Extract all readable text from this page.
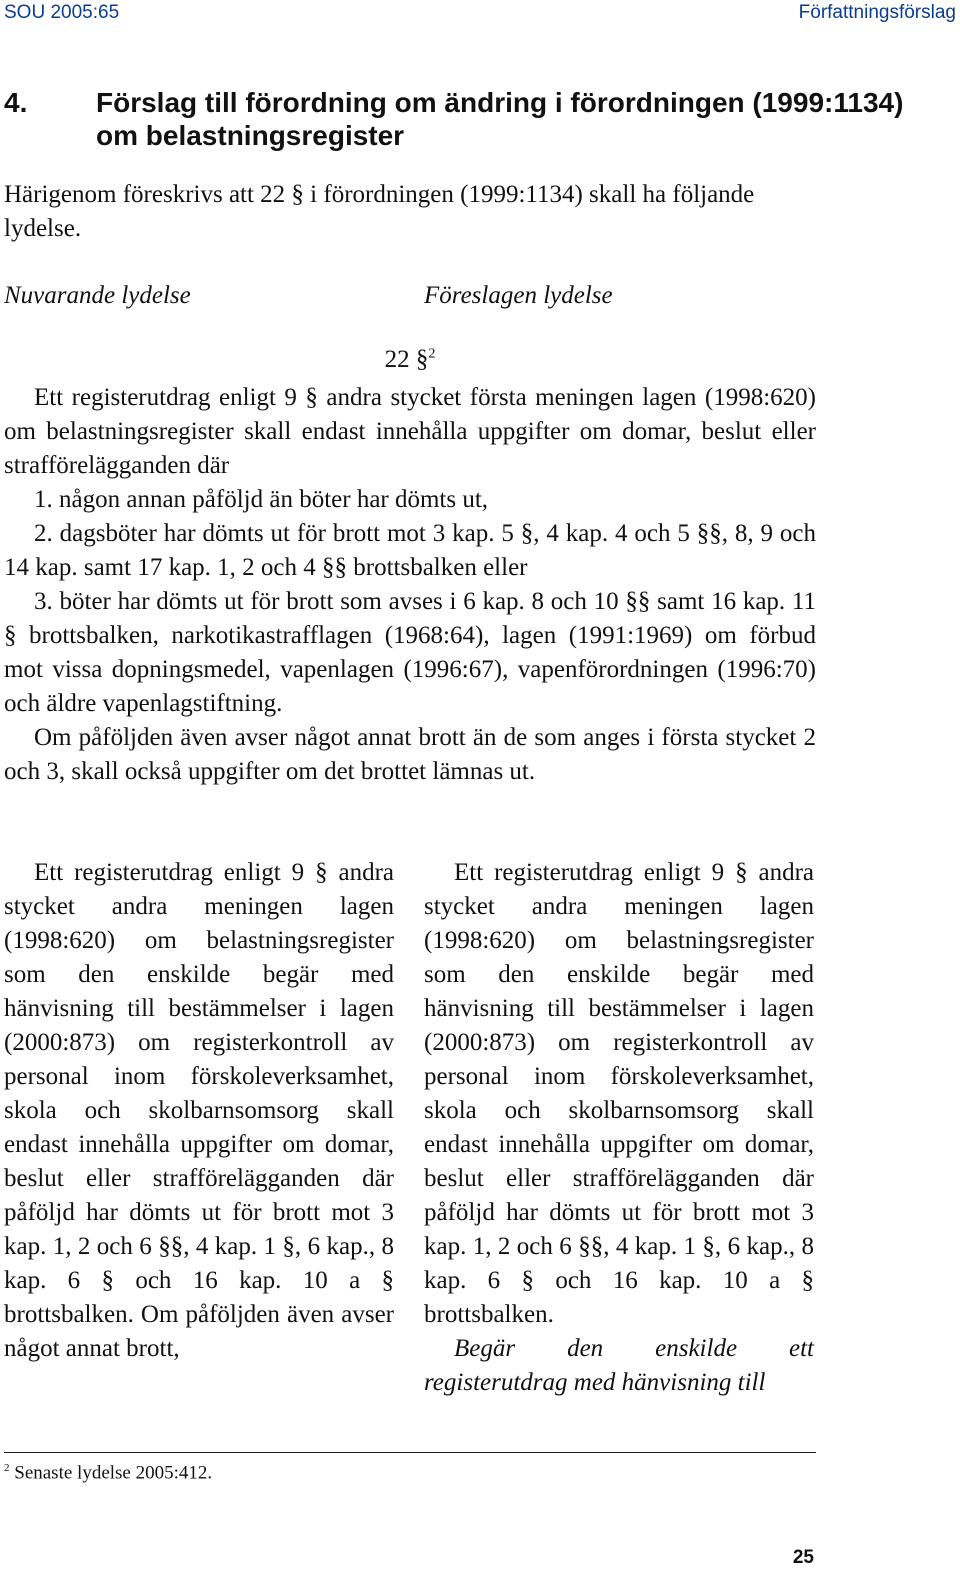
SOU 2005:65	Författningsförslag
4. Förslag till förordning om ändring i förordningen (1999:1134) om belastningsregister
Härigenom föreskrivs att 22 § i förordningen (1999:1134) skall ha följande lydelse.
Nuvarande lydelse	Föreslagen lydelse
22 §$^2$

Ett registerutdrag enligt 9 § andra stycket första meningen lagen (1998:620) om belastningsregister skall endast innehålla uppgifter om domar, beslut eller strafförelägganden där

1. någon annan påföljd än böter har dömts ut,

2. dagsböter har dömts ut för brott mot 3 kap. 5 §, 4 kap. 4 och 5 §§, 8, 9 och 14 kap. samt 17 kap. 1, 2 och 4 §§ brottsbalken eller

3. böter har dömts ut för brott som avses i 6 kap. 8 och 10 §§ samt 16 kap. 11 § brottsbalken, narkotikastrafflagen (1968:64), lagen (1991:1969) om förbud mot vissa dopningsmedel, vapenlagen (1996:67), vapenförordningen (1996:70) och äldre vapenlagstiftning.

Om påföljden även avser något annat brott än de som anges i första stycket 2 och 3, skall också uppgifter om det brottet lämnas ut.

Ett registerutdrag enligt 9 § andra stycket andra meningen lagen (1998:620) om belastningsregister som den enskilde begär med hänvisning till bestämmelser i lagen (2000:873) om registerkontroll av personal inom förskoleverksamhet, skola och skolbarnsomsorg skall endast innehålla uppgifter om domar, beslut eller strafförelägganden där påföljd har dömts ut för brott mot 3 kap. 1, 2 och 6 §§, 4 kap. 1 §, 6 kap., 8 kap. 6 § och 16 kap. 10 a § brottsbalken. Om påföljden även avser något annat brott,

Ett registerutdrag enligt 9 § andra stycket andra meningen lagen (1998:620) om belastningsregister som den enskilde begär med hänvisning till bestämmelser i lagen (2000:873) om registerkontroll av personal inom förskoleverksamhet, skola och skolbarnsomsorg skall endast innehålla uppgifter om domar, beslut eller strafförelägganden där påföljd har dömts ut för brott mot 3 kap. 1, 2 och 6 §§, 4 kap. 1 §, 6 kap., 8 kap. 6 § och 16 kap. 10 a § brottsbalken.

Begär den enskilde ett registerutdrag med hänvisning till

$^2$ Senaste lydelse 2005:412.
25
